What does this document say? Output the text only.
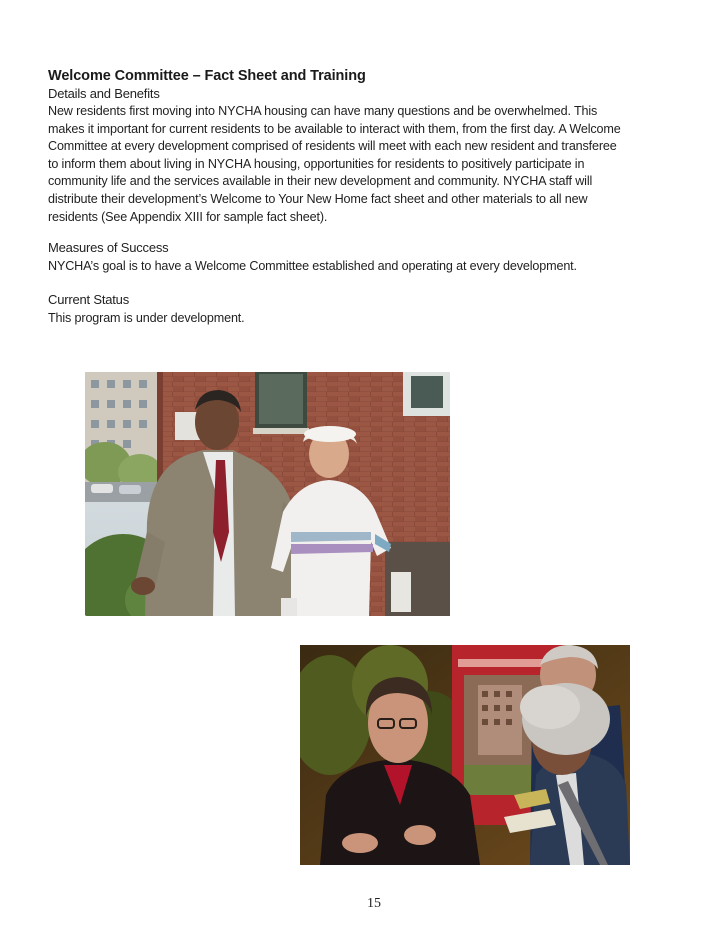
Welcome Committee – Fact Sheet and Training
Details and Benefits
New residents first moving into NYCHA housing can have many questions and be overwhelmed. This
makes it important for current residents to be available to interact with them, from the first day. A Welcome
Committee at every development comprised of residents will meet with each new resident and transferee
to inform them about living in NYCHA housing, opportunities for residents to positively participate in
community life and the services available in their new development and community. NYCHA staff will
distribute their development’s Welcome to Your New Home fact sheet and other materials to all new
residents (See Appendix XIII for sample fact sheet).
Measures of Success
NYCHA’s goal is to have a Welcome Committee established and operating at every development.
Current Status
This program is under development.
15
